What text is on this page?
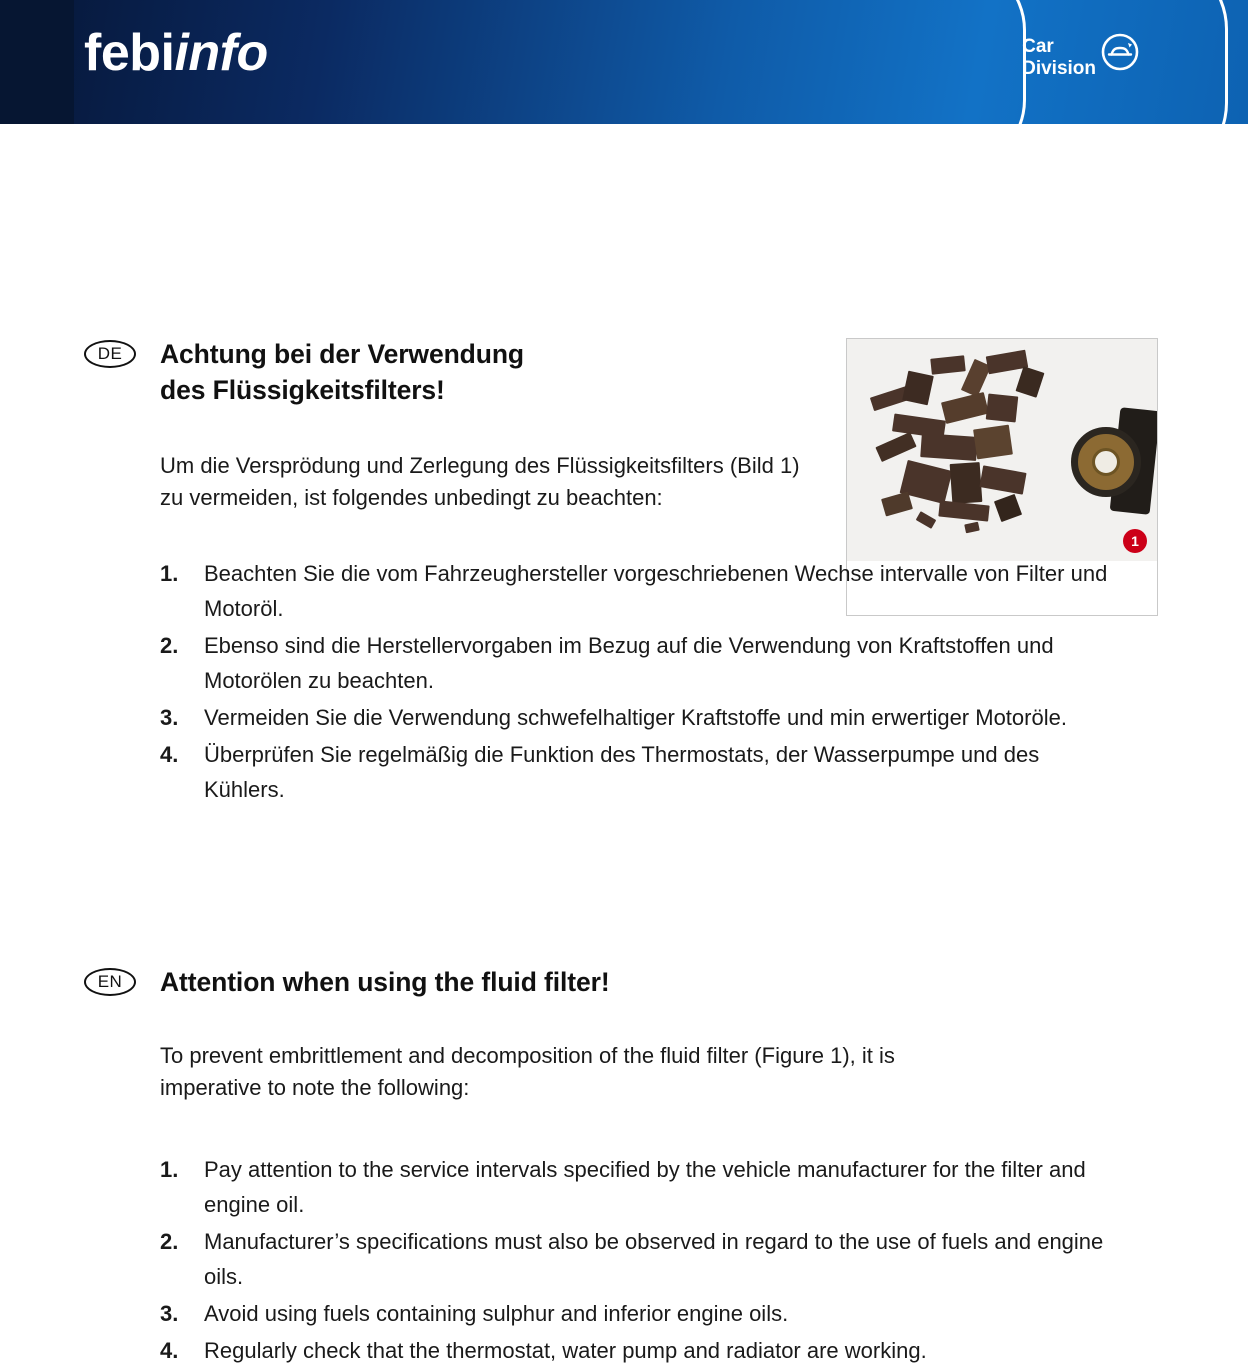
febiinfo	Car
Division
1
DE	Achtung bei der Verwendung
des Flüssigkeitsfilters!

Um die Versprödung und Zerlegung des Flüssigkeitsfilters (Bild 1) zu vermeiden, ist folgendes unbedingt zu beachten:

1.	Beachten Sie die vom Fahrzeughersteller vorgeschriebenen Wechse intervalle von Filter und Motoröl.
2.	Ebenso sind die Herstellervorgaben im Bezug auf die Verwendung von Kraftstoffen und Motorölen zu beachten.
3.	Vermeiden Sie die Verwendung schwefelhaltiger Kraftstoffe und min erwertiger Motoröle.
4.	Überprüfen Sie regelmäßig die Funktion des Thermostats, der Wasserpumpe und des Kühlers.
EN	Attention when using the fluid filter!

To prevent embrittlement and decomposition of the fluid filter (Figure 1), it is imperative to note the following:

1.	Pay attention to the service intervals specified by the vehicle manufacturer for the filter and engine oil.
2.	Manufacturer’s specifications must also be observed in regard to the use of fuels and engine oils.
3.	Avoid using fuels containing sulphur and inferior engine oils.
4.	Regularly check that the thermostat, water pump and radiator are working.
